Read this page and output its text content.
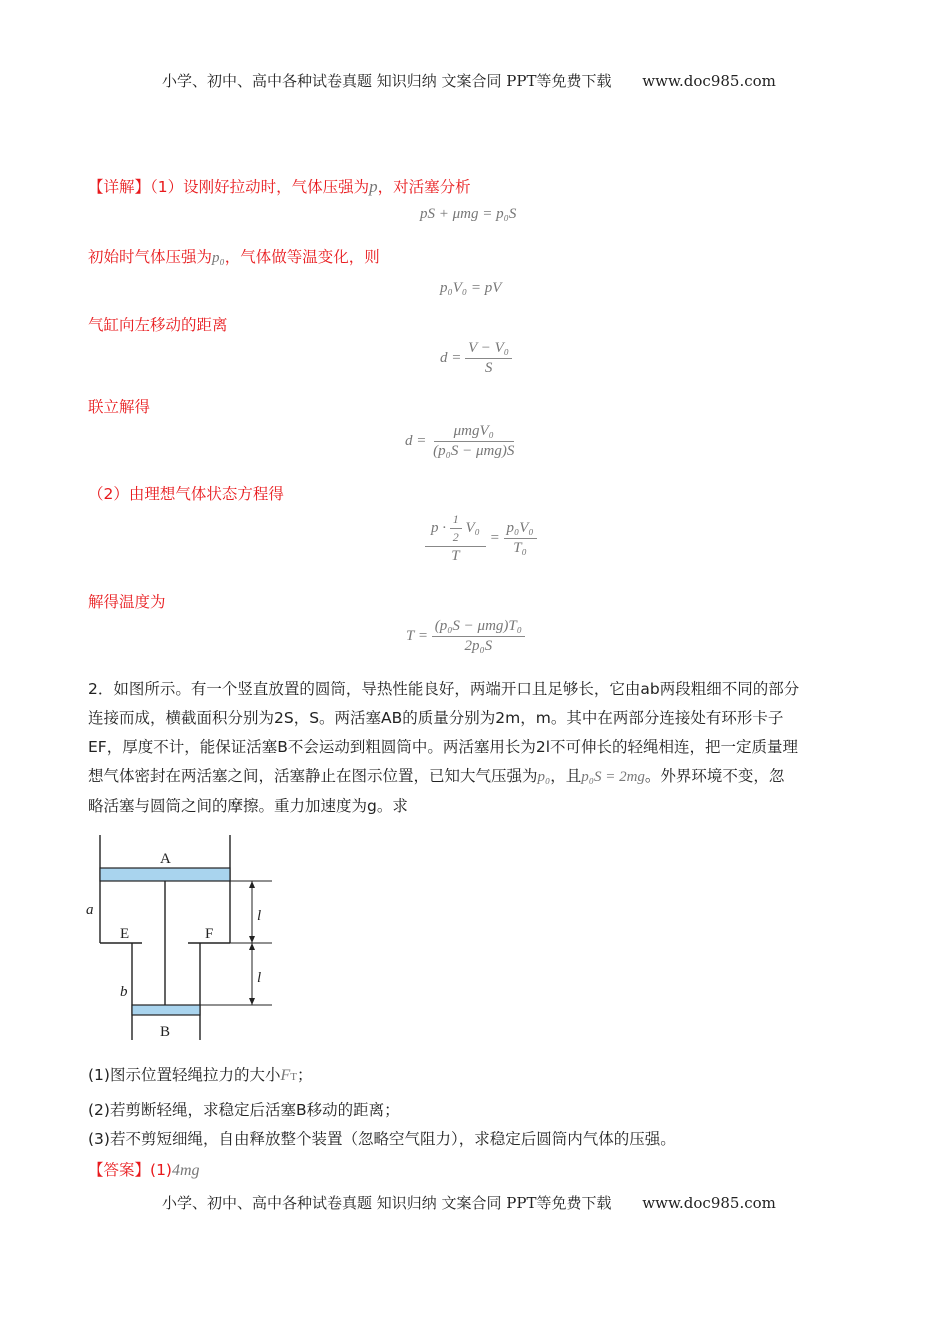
小学、初中、高中各种试卷真题 知识归纳 文案合同 PPT等免费下载 www.doc985.com
【详解】（1）设刚好拉动时，气体压强为p，对活塞分析
pS + μmg = p₀S
初始时气体压强为p₀，气体做等温变化，则
p₀V₀ = pV
气缸向左移动的距离
$d = \frac{\text{V − V₀}}{S}$
联立解得
$d = \frac{\text{μmgV₀}}{\text{(p₀S − μmg)S}}$
（2）由理想气体状态方程得
$\frac{p \cdot \frac{1}{2} V_0}{T} = \frac{\text{p₀V₀}}{\text{T₀}}$
解得温度为
$T = \frac{\text{(p₀S − μmg)T₀}}{\text{2p₀S}}$
2．如图所示。有一个竖直放置的圆筒，导热性能良好，两端开口且足够长，它由ab两段粗细不同的部分
连接而成，横截面积分别为2S，S。两活塞AB的质量分别为2m，m。其中在两部分连接处有环形卡子
EF，厚度不计，能保证活塞B不会运动到粗圆筒中。两活塞用长为2l不可伸长的轻绳相连，把一定质量理
想气体密封在两活塞之间，活塞静止在图示位置，已知大气压强为p₀，且p₀S = 2mg。外界环境不变，忽
略活塞与圆筒之间的摩擦。重力加速度为g。求
A
B
a
b
E	F
l
l
(1)图示位置轻绳拉力的大小FT；
(2)若剪断轻绳，求稳定后活塞B移动的距离；
(3)若不剪短细绳，自由释放整个装置（忽略空气阻力），求稳定后圆筒内气体的压强。
【答案】(1)4mg
小学、初中、高中各种试卷真题 知识归纳 文案合同 PPT等免费下载 www.doc985.com
